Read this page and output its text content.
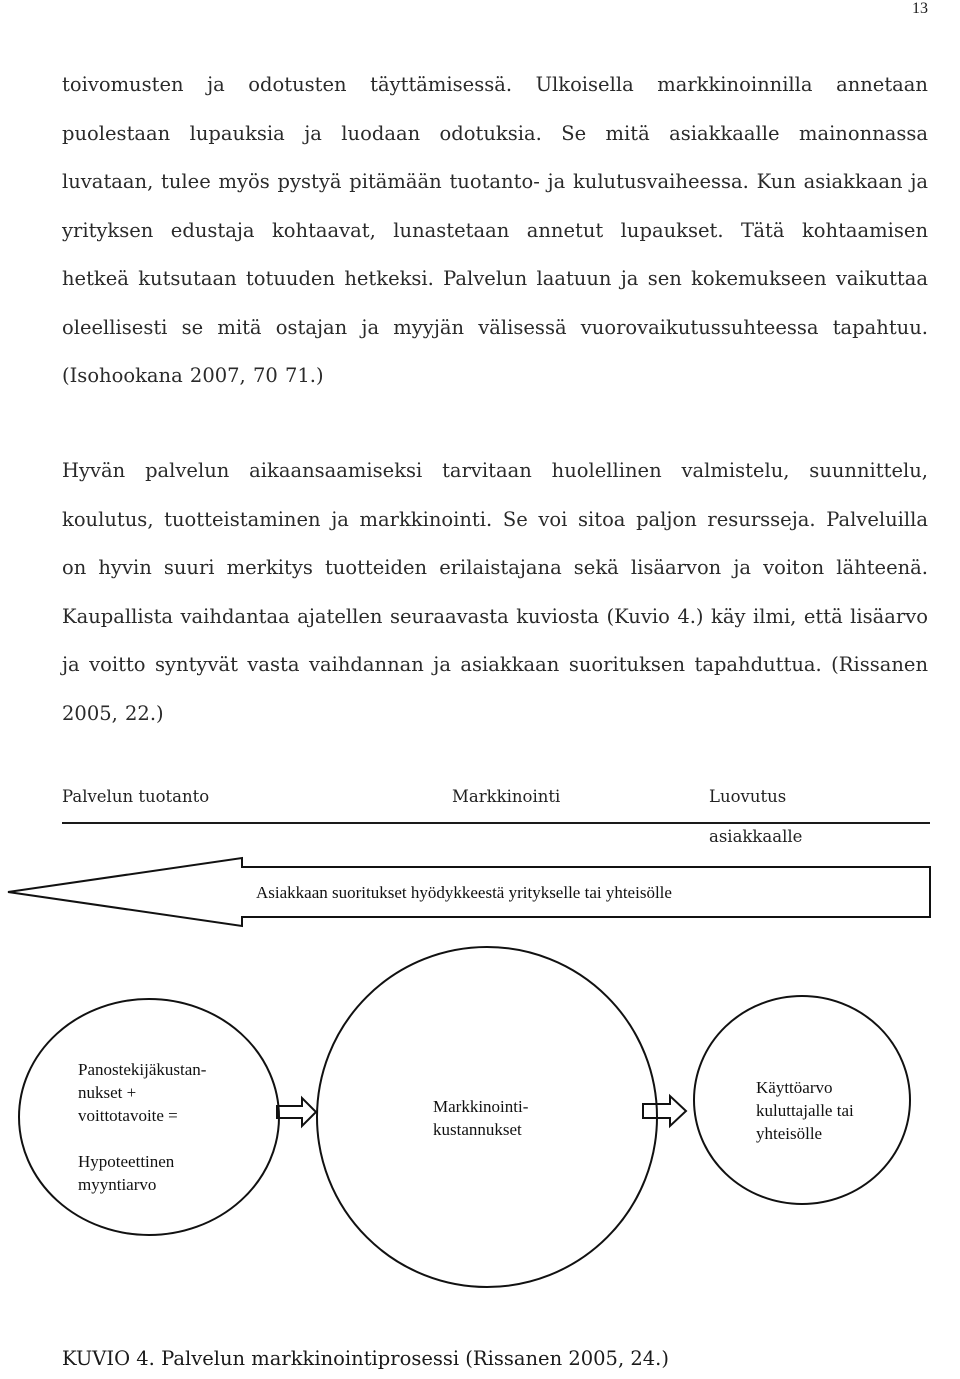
13

toivomusten ja odotusten täyttämisessä. Ulkoisella markkinoinnilla annetaan puolestaan lupauksia ja luodaan odotuksia. Se mitä asiakkaalle mainonnassa luvataan, tulee myös pystyä pitämään tuotanto- ja kulutusvaiheessa. Kun asiakkaan ja yrityksen edustaja kohtaavat, lunastetaan annetut lupaukset. Tätä kohtaamisen hetkeä kutsutaan totuuden hetkeksi. Palvelun laatuun ja sen kokemukseen vaikuttaa oleellisesti se mitä ostajan ja myyjän välisessä vuorovaikutussuhteessa tapahtuu. (Isohookana 2007, 70 71.)

Hyvän palvelun aikaansaamiseksi tarvitaan huolellinen valmistelu, suunnittelu, koulutus, tuotteistaminen ja markkinointi. Se voi sitoa paljon resursseja. Palveluilla on hyvin suuri merkitys tuotteiden erilaistajana sekä lisäarvon ja voiton lähteenä. Kaupallista vaihdantaa ajatellen seuraavasta kuviosta (Kuvio 4.) käy ilmi, että lisäarvo ja voitto syntyvät vasta vaihdannan ja asiakkaan suorituksen tapahduttua. (Rissanen 2005, 22.)

Palvelun tuotanto	Markkinointi	Luovutus
asiakkaalle
Asiakkaan suoritukset hyödykkeestä yritykselle tai yhteisölle
Panostekijäkustan-
nukset +
voittotavoite =
Hypoteettinen
myyntiarvo
Markkinointi-
kustannukset
Käyttöarvo
kuluttajalle tai
yhteisölle
KUVIO 4. Palvelun markkinointiprosessi (Rissanen 2005, 24.)
